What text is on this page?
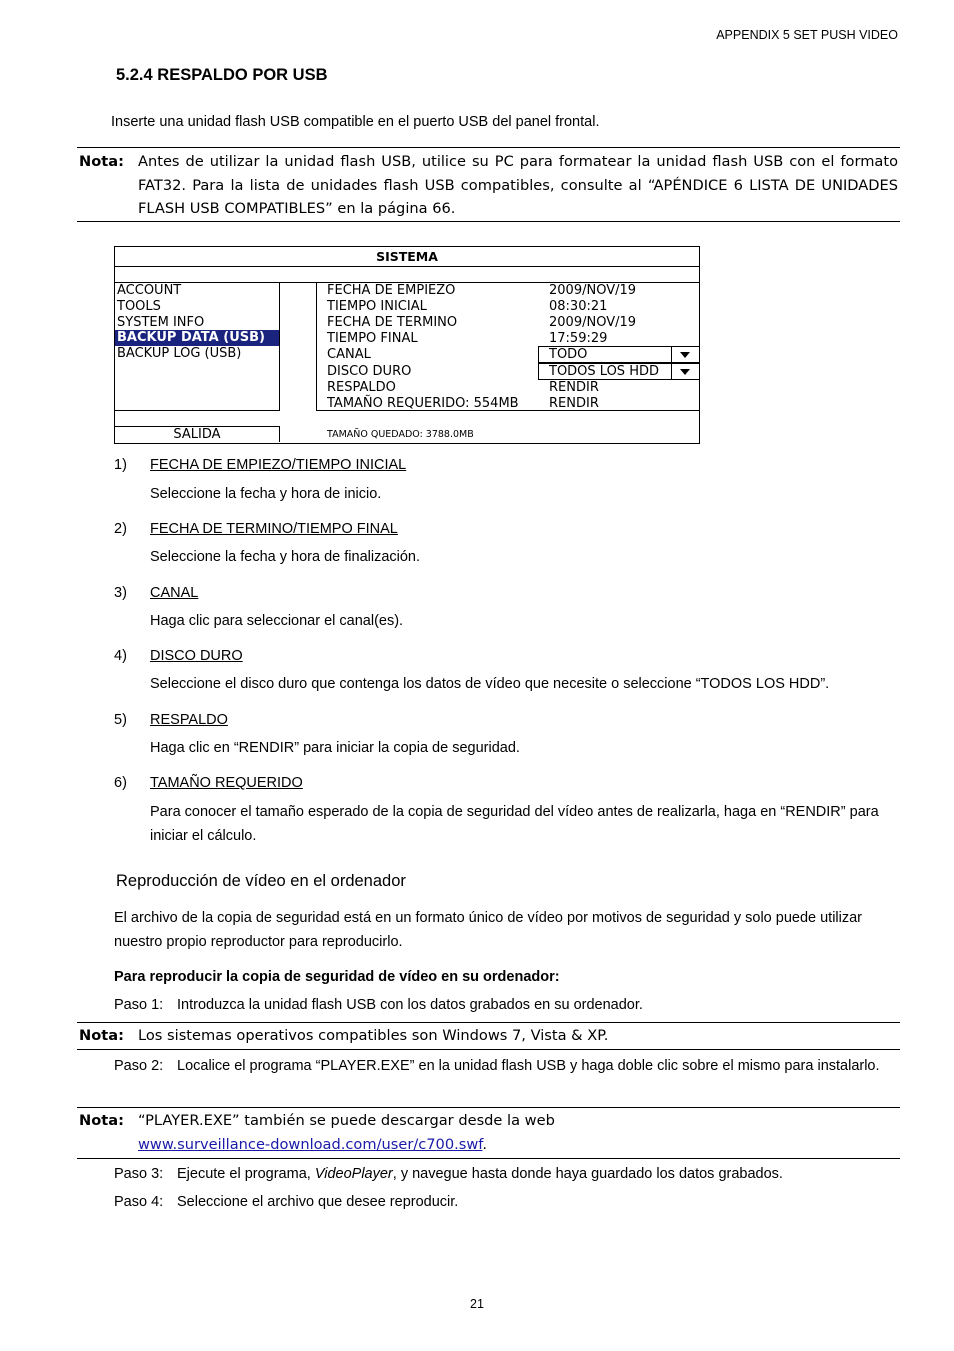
APPENDIX 5 SET PUSH VIDEO
5.2.4 RESPALDO POR USB
Inserte una unidad flash USB compatible en el puerto USB del panel frontal.
Nota: Antes de utilizar la unidad flash USB, utilice su PC para formatear la unidad flash USB con el formato FAT32. Para la lista de unidades flash USB compatibles, consulte al “APÉNDICE 6 LISTA DE UNIDADES FLASH USB COMPATIBLES” en la página 66.
SISTEMA
ACCOUNT
TOOLS
SYSTEM INFO
BACKUP DATA (USB)
BACKUP LOG (USB)
FECHA DE EMPIEZO	2009/NOV/19
TIEMPO INICIAL	08:30:21
FECHA DE TERMINO	2009/NOV/19
TIEMPO FINAL	17:59:29
CANAL	TODO
DISCO DURO	TODOS LOS HDD
RESPALDO	RENDIR
TAMAÑO REQUERIDO: 554MB RENDIR
SALIDA	TAMAÑO QUEDADO: 3788.0MB
1) FECHA DE EMPIEZO/TIEMPO INICIAL
Seleccione la fecha y hora de inicio.
2) FECHA DE TERMINO/TIEMPO FINAL
Seleccione la fecha y hora de finalización.
3) CANAL
Haga clic para seleccionar el canal(es).
4) DISCO DURO
Seleccione el disco duro que contenga los datos de vídeo que necesite o seleccione “TODOS LOS HDD”.
5) RESPALDO
Haga clic en “RENDIR” para iniciar la copia de seguridad.
6) TAMAÑO REQUERIDO
Para conocer el tamaño esperado de la copia de seguridad del vídeo antes de realizarla, haga en “RENDIR” para iniciar el cálculo.
Reproducción de vídeo en el ordenador
El archivo de la copia de seguridad está en un formato único de vídeo por motivos de seguridad y solo puede utilizar nuestro propio reproductor para reproducirlo.
Para reproducir la copia de seguridad de vídeo en su ordenador:
Paso 1: Introduzca la unidad flash USB con los datos grabados en su ordenador.
Nota: Los sistemas operativos compatibles son Windows 7, Vista & XP.
Paso 2: Localice el programa “PLAYER.EXE” en la unidad flash USB y haga doble clic sobre el mismo para instalarlo.
Nota: “PLAYER.EXE” también se puede descargar desde la web
www.surveillance-download.com/user/c700.swf.
Paso 3: Ejecute el programa, VideoPlayer, y navegue hasta donde haya guardado los datos grabados.
Paso 4: Seleccione el archivo que desee reproducir.
21
